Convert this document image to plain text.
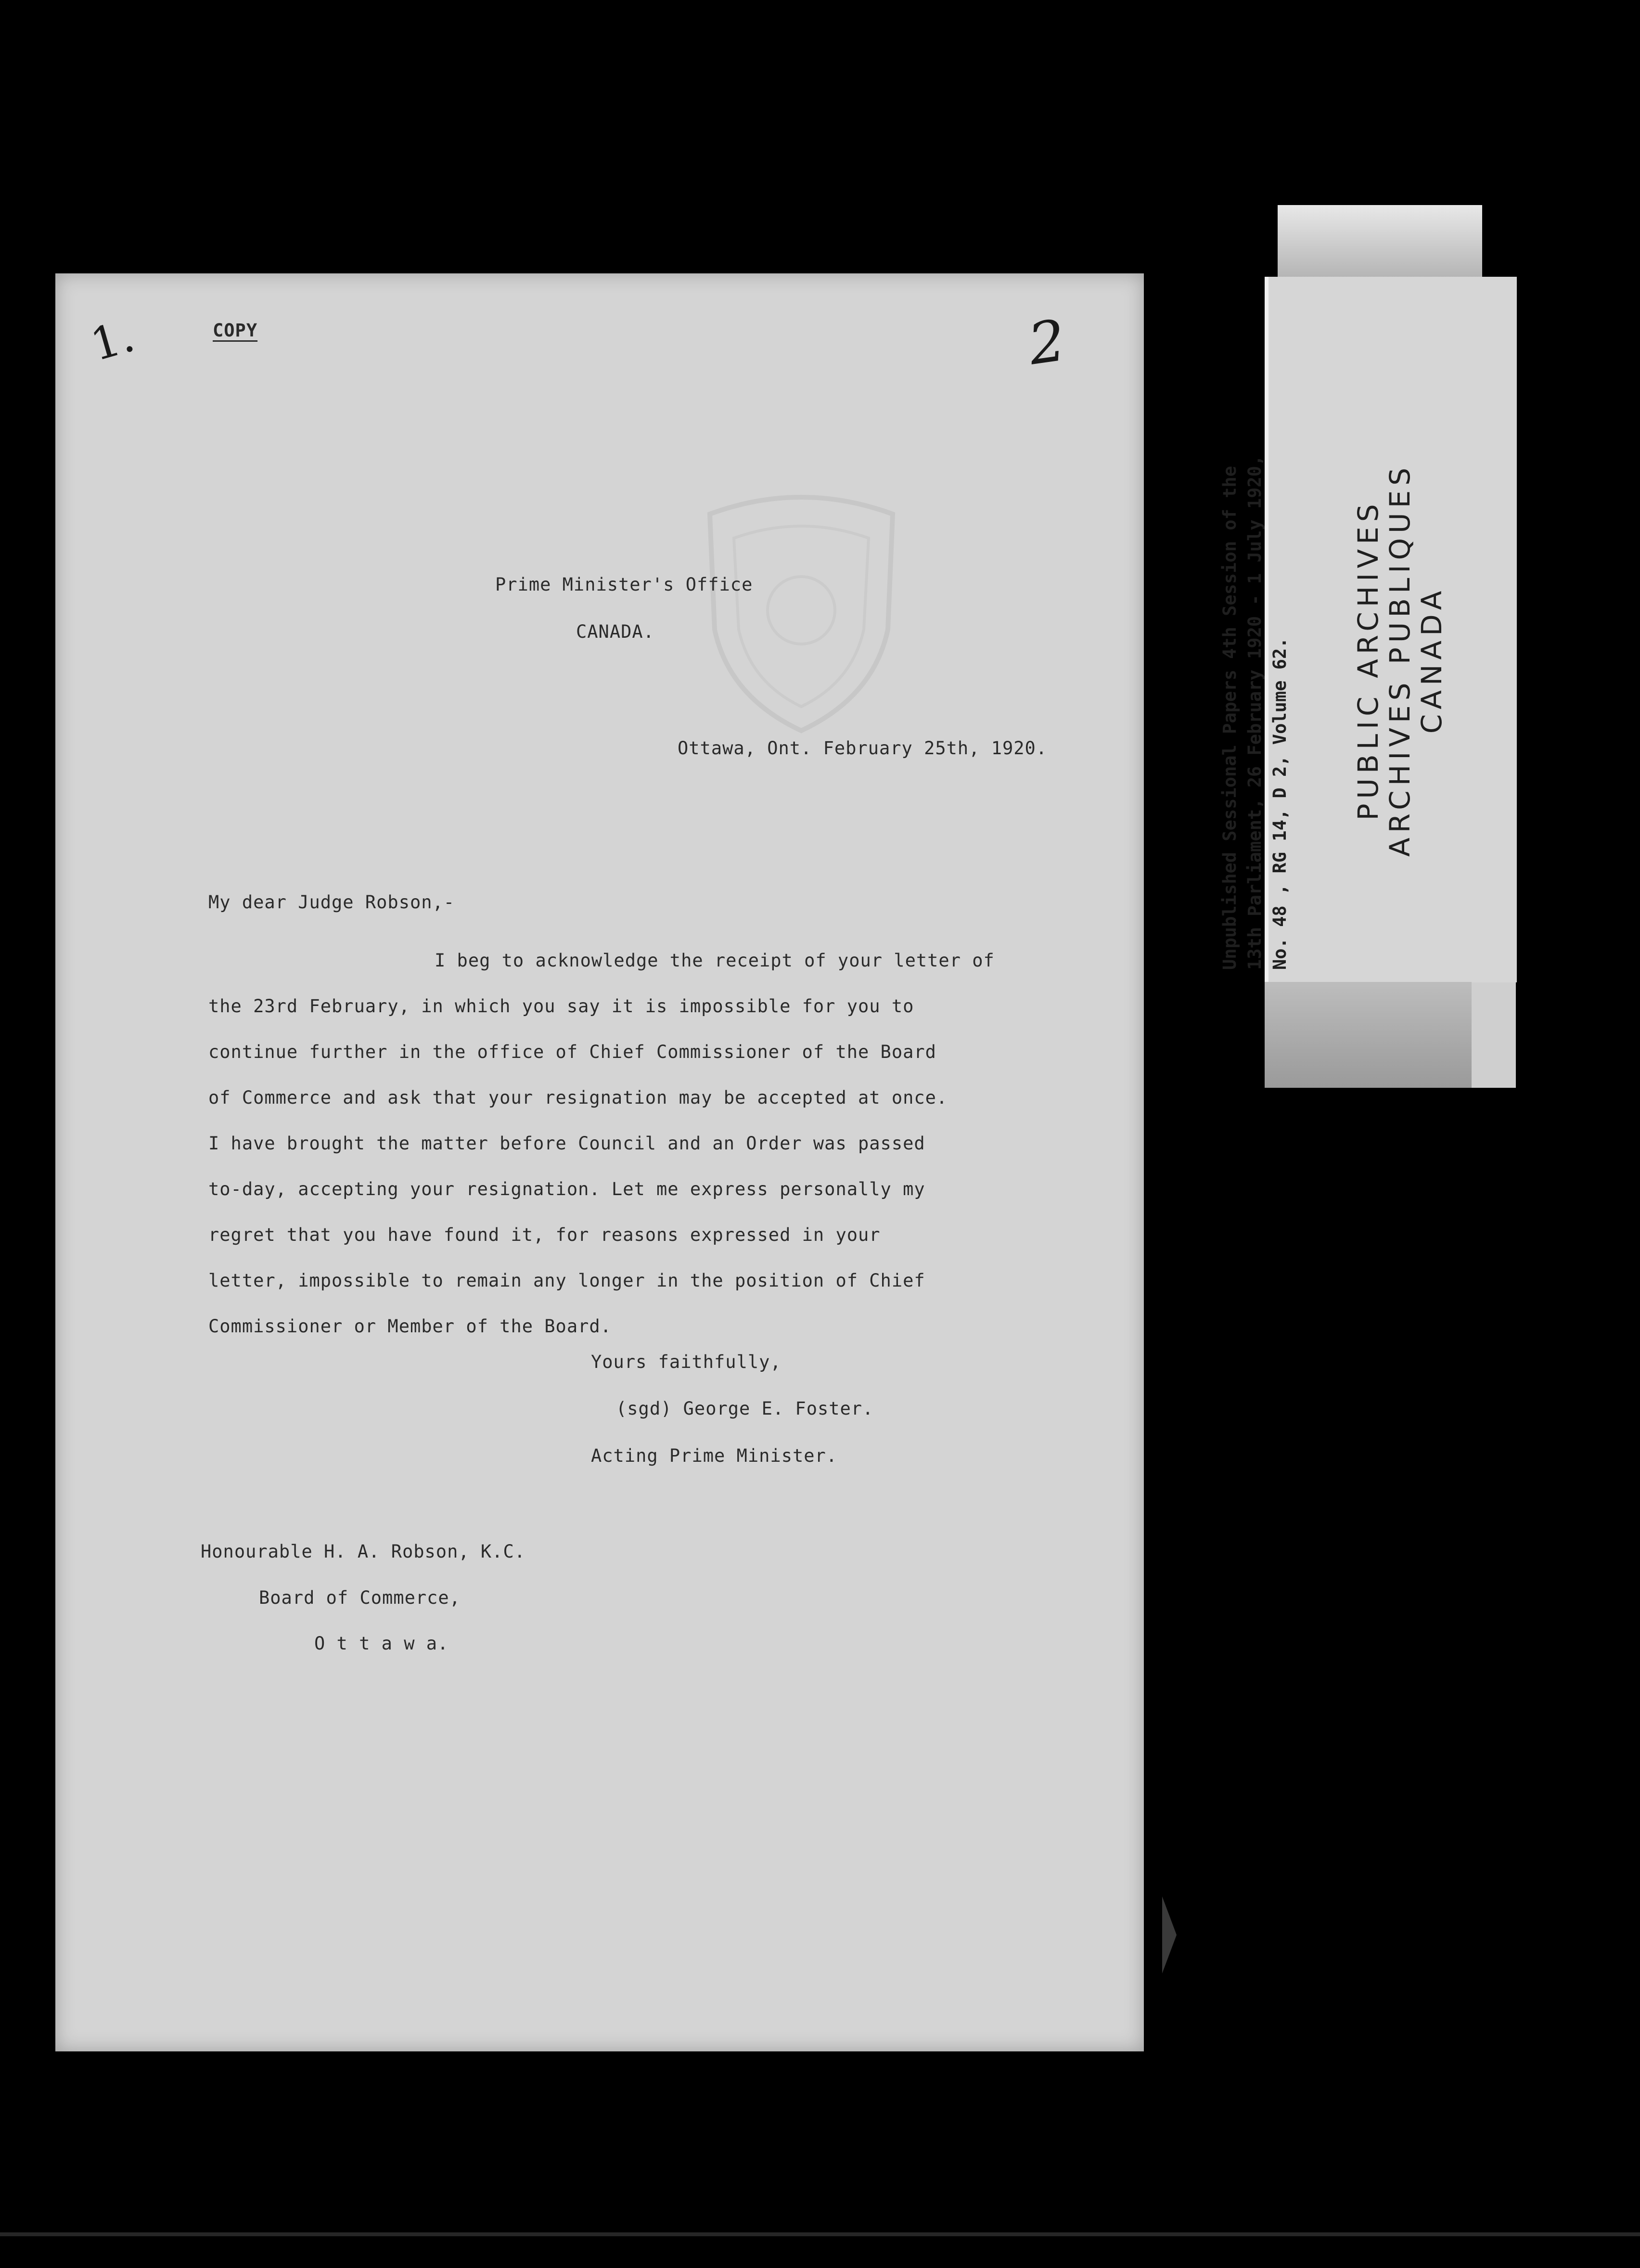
1.	COPY	2
Prime Minister's Office
CANADA.
Ottawa, Ont. February 25th, 1920.
My dear Judge Robson,-
I beg to acknowledge the receipt of your letter of
the 23rd February, in which you say it is impossible for you to
continue further in the office of Chief Commissioner of the Board
of Commerce and ask that your resignation may be accepted at once.
I have brought the matter before Council and an Order was passed
to-day, accepting your resignation. Let me express personally my
regret that you have found it, for reasons expressed in your
letter, impossible to remain any longer in the position of Chief
Commissioner or Member of the Board.
Yours faithfully,
(sgd) George E. Foster.
Acting Prime Minister.
Honourable H. A. Robson, K.C.
Board of Commerce,
O t t a w a.
Unpublished Sessional Papers 4th Session of the 13th Parliament, 26 February 1920 - 1 July 1920, No. 48 , RG 14, D 2, Volume 62. PUBLIC ARCHIVES
ARCHIVES PUBLIQUES
CANADA
